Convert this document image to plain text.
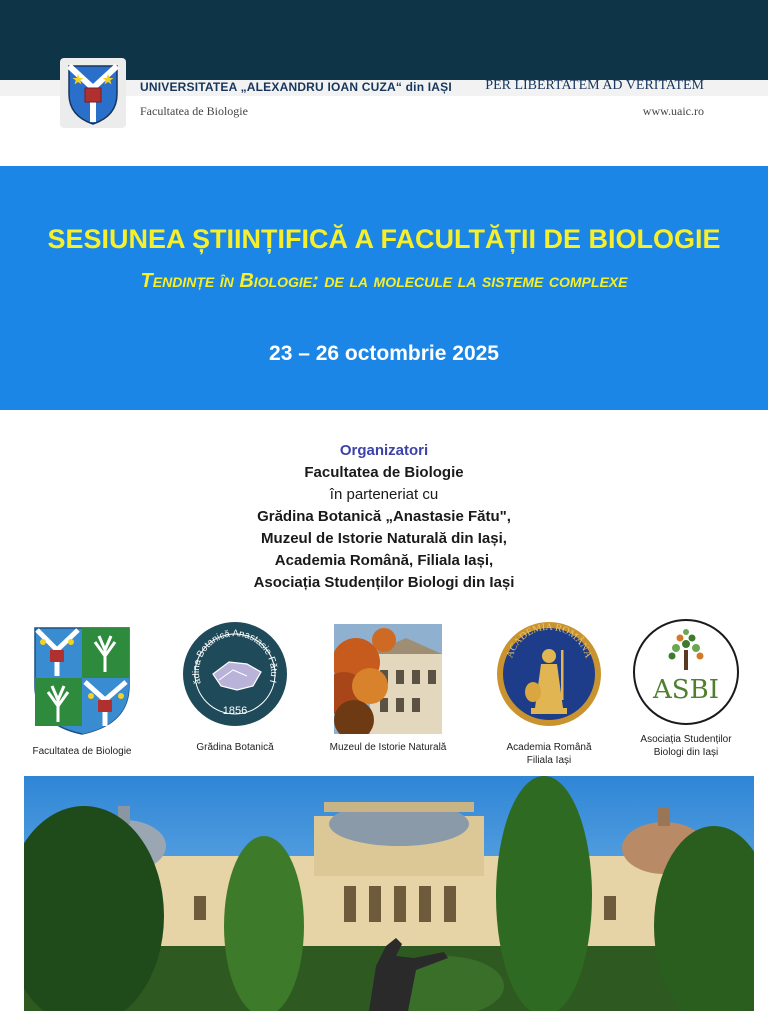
UNIVERSITATEA „ALEXANDRU IOAN CUZA“ din IAȘI PER LIBERTATEM AD VERITATEM
Facultatea de Biologie	www.uaic.ro
SESIUNEA ȘTIINȚIFICĂ A FACULTĂȚII DE BIOLOGIE
Tendințe în Biologie: de la molecule la sisteme complexe
23 – 26 octombrie 2025
Organizatori
Facultatea de Biologie
în parteneriat cu
Grădina Botanică „Anastasie Fătu",
Muzeul de Istorie Naturală din Iași,
Academia Română, Filiala Iași,
Asociația Studenților Biologi din Iași
Facultatea de Biologie
ădina Botanică Anastasie Fătu I
1856
Grădina Botanică	Muzeul de Istorie Naturală
ACADEMIA ROMÂNA
Academia Română
Filiala Iași
ASBI
Asociația Studenților
Biologi din Iași
